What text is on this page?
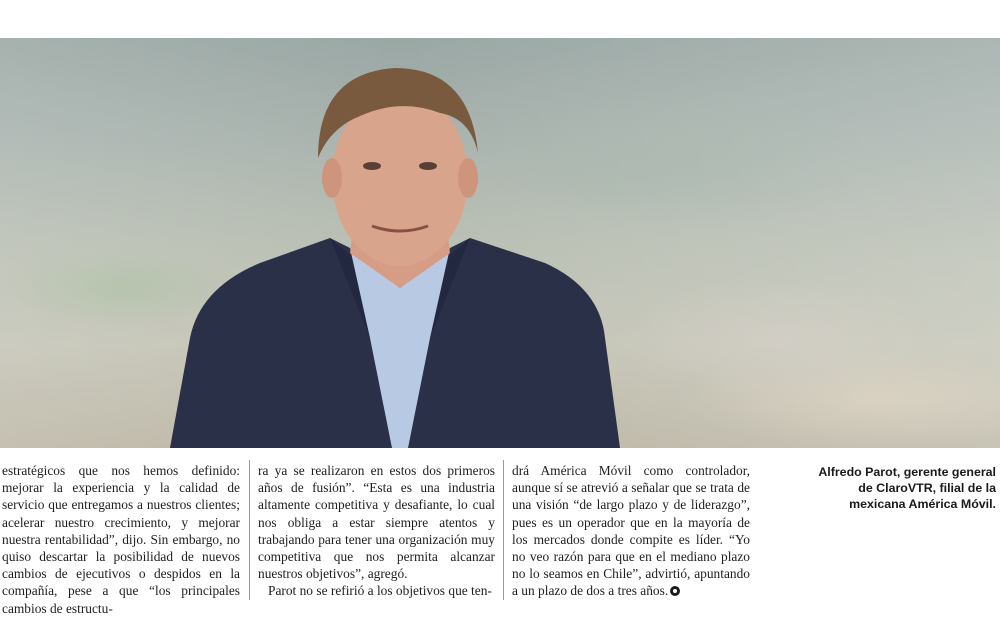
estratégicos que nos hemos definido: mejorar la experiencia y la calidad de servicio que entregamos a nuestros clientes; acelerar nuestro crecimiento, y mejorar nuestra rentabilidad”, dijo. Sin embargo, no quiso descartar la posibilidad de nuevos cambios de ejecutivos o despidos en la compañía, pese a que “los principales cambios de estructu-

ra ya se realizaron en estos dos primeros años de fusión”. “Esta es una industria altamente competitiva y desafiante, lo cual nos obliga a estar siempre atentos y trabajando para tener una organización muy competitiva que nos permita alcanzar nuestros objetivos”, agregó.

Parot no se refirió a los objetivos que ten-

drá América Móvil como controlador, aunque sí se atrevió a señalar que se trata de una visión “de largo plazo y de liderazgo”, pues es un operador que en la mayoría de los mercados donde compite es líder. “Yo no veo razón para que en el mediano plazo no lo seamos en Chile”, advirtió, apuntando a un plazo de dos a tres años.

Alfredo Parot, gerente general de ClaroVTR, filial de la mexicana América Móvil.
